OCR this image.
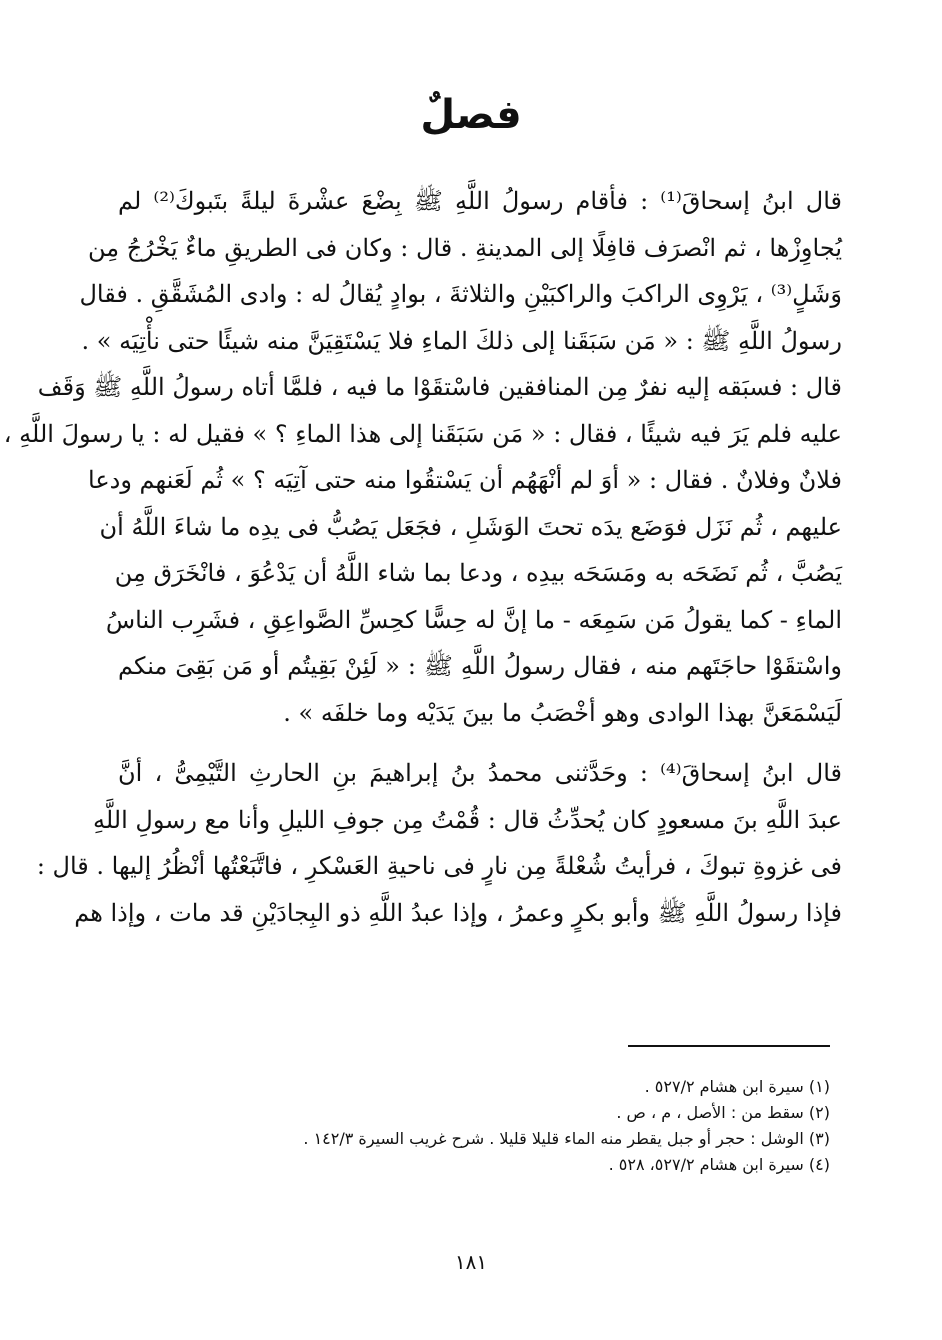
فصلٌ

قال ابنُ إسحاقَ⁽¹⁾ : فأقام رسولُ اللَّهِ ﷺ بِضْعَ عشْرةَ ليلةً بتَبوكَ⁽²⁾ لم
يُجاوِزْها ، ثم انْصرَف قافِلًا إلى المدينةِ . قال : وكان فى الطريقِ ماءٌ يَخْرُجُ مِن
وَشَلٍ⁽³⁾ ، يَرْوِى الراكبَ والراكبَيْنِ والثلاثةَ ، بوادٍ يُقالُ له : وادى المُشَقَّقِ . فقال
رسولُ اللَّهِ ﷺ : « مَن سَبَقَنا إلى ذلكَ الماءِ فلا يَسْتَقِيَنَّ منه شيئًا حتى نأْتِيَه » .
قال : فسبَقه إليه نفرٌ مِن المنافقين فاسْتقَوْا ما فيه ، فلمَّا أتاه رسولُ اللَّهِ ﷺ وَقَف
عليه فلم يَرَ فيه شيئًا ، فقال : « مَن سَبَقَنا إلى هذا الماءِ ؟ » فقيل له : يا رسولَ اللَّهِ ،
فلانٌ وفلانٌ . فقال : « أوَ لم أنْهَهُم أن يَسْتقُوا منه حتى آتِيَه ؟ » ثُم لَعَنهم ودعا
عليهم ، ثُم نَزَل فوَضَع يدَه تحتَ الوَشَلِ ، فجَعَل يَصُبُّ فى يدِه ما شاءَ اللَّهُ أن
يَصُبَّ ، ثُم نَضَحَه به ومَسَحَه بيدِه ، ودعا بما شاء اللَّهُ أن يَدْعُوَ ، فانْخَرَق مِن
الماءِ - كما يقولُ مَن سَمِعَه - ما إنَّ له حِسًّا كحِسِّ الصَّواعِقِ ، فشَرِب الناسُ
واسْتقَوْا حاجَتَهم منه ، فقال رسولُ اللَّهِ ﷺ : « لَئِنْ بَقِيتُم أو مَن بَقِىَ منكم
لَيَسْمَعَنَّ بهذا الوادى وهو أخْصَبُ ما بينَ يَدَيْه وما خلفَه » .

قال ابنُ إسحاقَ⁽⁴⁾ : وحَدَّثنى محمدُ بنُ إبراهيمَ بنِ الحارثِ التَّيْمِىُّ ، أنَّ
عبدَ اللَّهِ بنَ مسعودٍ كان يُحدِّثُ قال : قُمْتُ مِن جوفِ الليلِ وأنا مع رسولِ اللَّهِ
فى غزوةِ تبوكَ ، فرأيتُ شُعْلةً مِن نارٍ فى ناحيةِ العَسْكرِ ، فاتَّبَعْتُها أنْظُرُ إليها . قال :
فإذا رسولُ اللَّهِ ﷺ وأبو بكرٍ وعمرُ ، وإذا عبدُ اللَّهِ ذو البِجادَيْنِ قد مات ، وإذا هم

(١) سيرة ابن هشام ٥٢٧/٢ .
(٢) سقط من : الأصل ، م ، ص .
(٣) الوشل : حجر أو جبل يقطر منه الماء قليلا قليلا . شرح غريب السيرة ١٤٢/٣ .
(٤) سيرة ابن هشام ٥٢٧/٢، ٥٢٨ .
١٨١
